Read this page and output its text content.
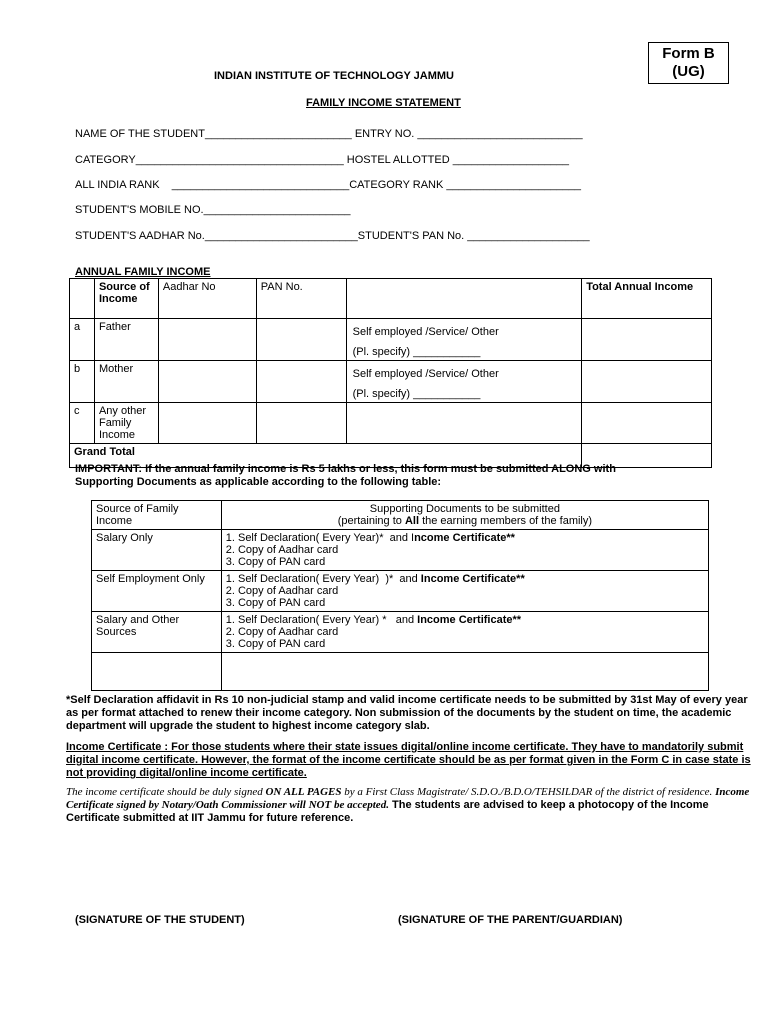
Form B
(UG)
INDIAN INSTITUTE OF TECHNOLOGY JAMMU
FAMILY INCOME STATEMENT
NAME OF THE STUDENT________________________ ENTRY NO. ___________________________
CATEGORY__________________________________ HOSTEL ALLOTTED ___________________
ALL INDIA RANK    _____________________________CATEGORY RANK ______________________
STUDENT'S MOBILE NO.________________________
STUDENT'S AADHAR No._________________________STUDENT'S PAN No. ____________________
ANNUAL FAMILY INCOME
	Source of Income	Aadhar No	PAN No.		Total Annual Income
a	Father			Self employed /Service/ Other
(Pl. specify) ___________	

b	Mother			Self employed /Service/ Other
(Pl. specify) ___________	

c	Any other Family Income				
Grand Total					
IMPORTANT: If the annual family income is Rs 5 lakhs or less, this form must be submitted ALONG with Supporting Documents as applicable according to the following table:
Source of Family Income	Supporting Documents to be submitted
(pertaining to All the earning members of the family)

Salary Only	1. Self Declaration( Every Year)*  and Income Certificate**
2. Copy of Aadhar card
3. Copy of PAN card

Self Employment Only	1. Self Declaration( Every Year)  )*  and Income Certificate**
2. Copy of Aadhar card
3. Copy of PAN card

Salary and Other Sources	1. Self Declaration( Every Year) *   and Income Certificate**
2. Copy of Aadhar card
3. Copy of PAN card

*Self Declaration affidavit in Rs 10 non-judicial stamp and valid income certificate needs to be submitted by 31st May of every year as per format attached to renew their income category. Non submission of the documents by the student on time, the academic department will upgrade the student to highest income category slab.
Income Certificate : For those students where their state issues digital/online income certificate. They have to mandatorily submit digital income certificate. However, the format of the income certificate should be as per format given in the Form C in case state is not providing digital/online income certificate.
The income certificate should be duly signed ON ALL PAGES by a First Class Magistrate/ S.D.O./B.D.O/TEHSILDAR of the district of residence. Income Certificate signed by Notary/Oath Commissioner will NOT be accepted. The students are advised to keep a photocopy of the Income Certificate submitted at IIT Jammu for future reference.
(SIGNATURE OF THE STUDENT)	(SIGNATURE OF THE PARENT/GUARDIAN)
